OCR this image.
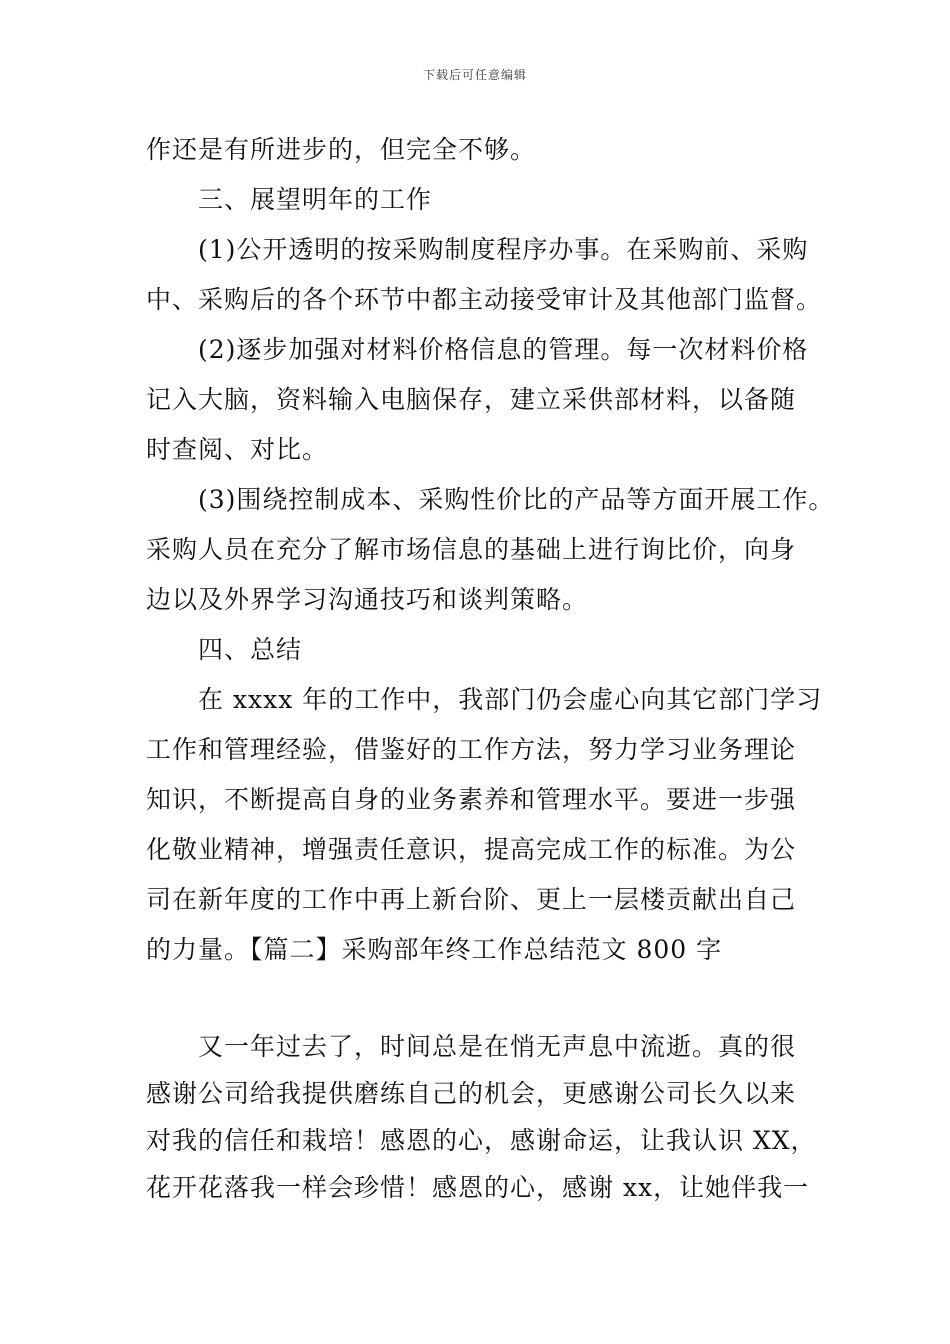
下载后可任意编辑
作还是有所进步的，但完全不够。
三、展望明年的工作
(1)公开透明的按采购制度程序办事。在采购前、采购
中、采购后的各个环节中都主动接受审计及其他部门监督。
(2)逐步加强对材料价格信息的管理。每一次材料价格
记入大脑，资料输入电脑保存，建立采供部材料，以备随
时查阅、对比。
(3)围绕控制成本、采购性价比的产品等方面开展工作。
采购人员在充分了解市场信息的基础上进行询比价，向身
边以及外界学习沟通技巧和谈判策略。
四、总结
在 xxxx 年的工作中，我部门仍会虚心向其它部门学习
工作和管理经验，借鉴好的工作方法，努力学习业务理论
知识，不断提高自身的业务素养和管理水平。要进一步强
化敬业精神，增强责任意识，提高完成工作的标准。为公
司在新年度的工作中再上新台阶、更上一层楼贡献出自己
的力量。【篇二】采购部年终工作总结范文 800 字
又一年过去了，时间总是在悄无声息中流逝。真的很
感谢公司给我提供磨练自己的机会，更感谢公司长久以来
对我的信任和栽培！感恩的心，感谢命运，让我认识 XX，
花开花落我一样会珍惜！感恩的心，感谢 xx，让她伴我一
